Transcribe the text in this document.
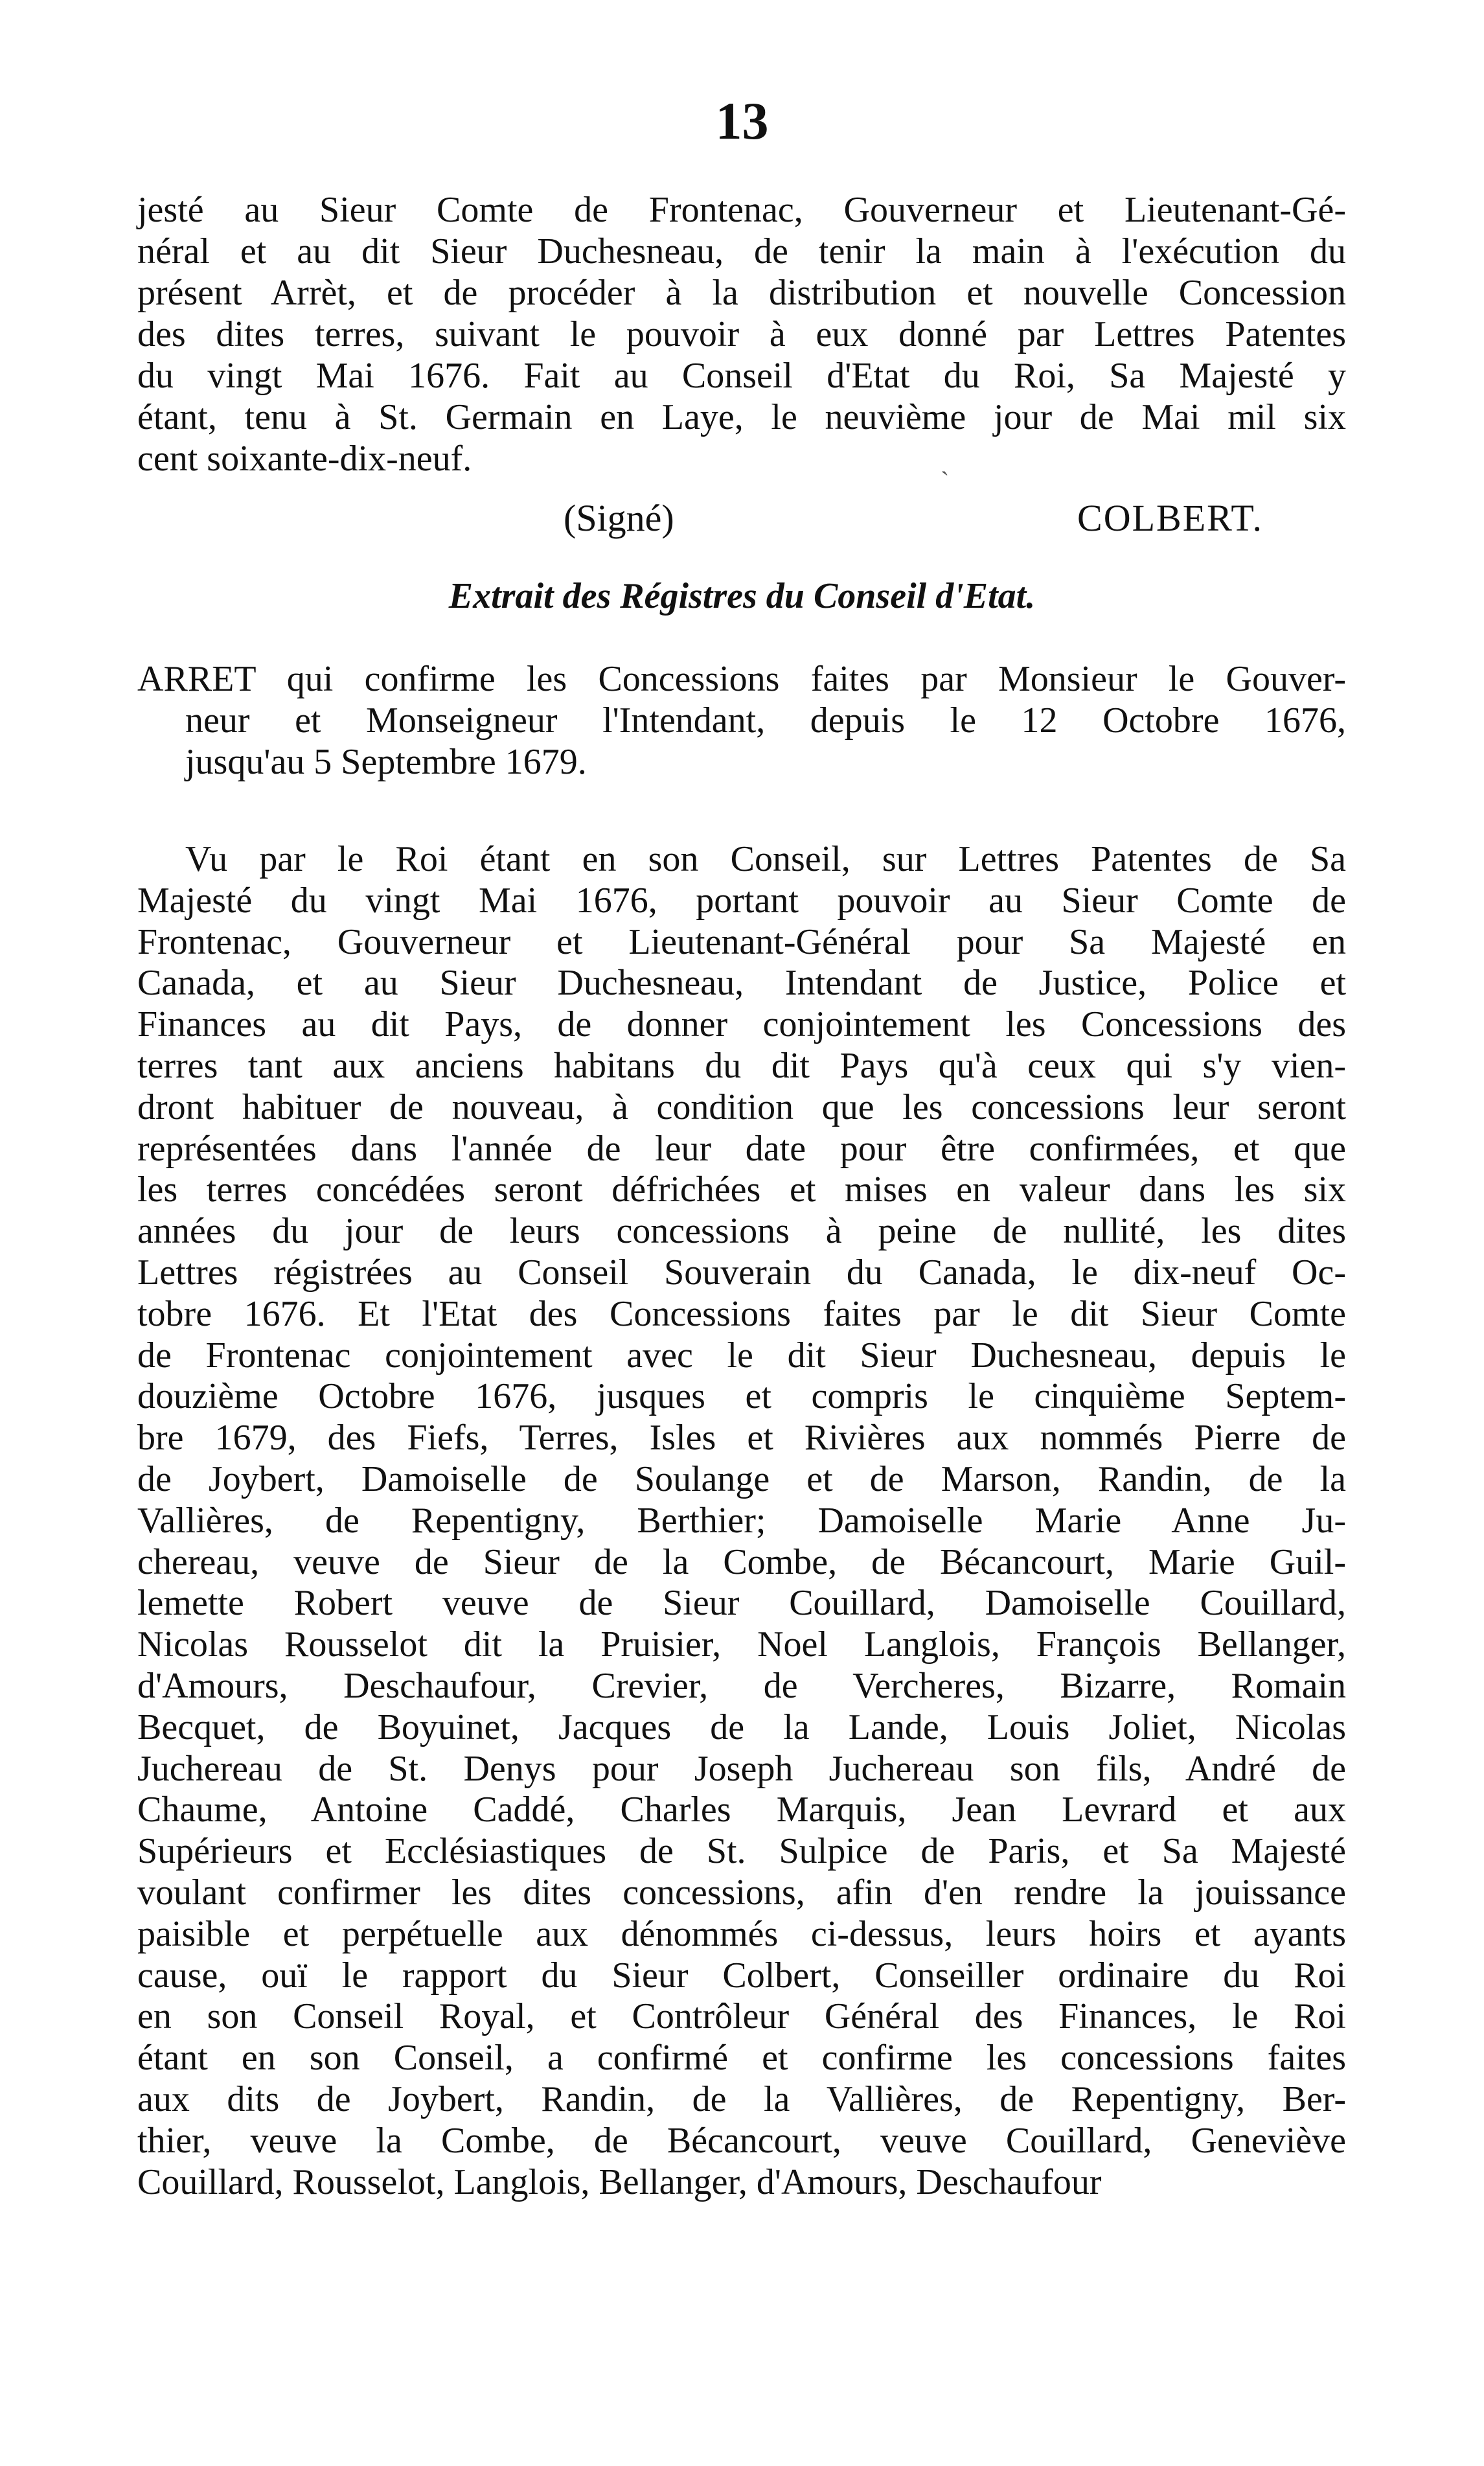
13
jesté au Sieur Comte de Frontenac, Gouverneur et Lieutenant-Gé-
néral et au dit Sieur Duchesneau, de tenir la main à l'exécution du
présent Arrèt, et de procéder à la distribution et nouvelle Concession
des dites terres, suivant le pouvoir à eux donné par Lettres Patentes
du vingt Mai 1676. Fait au Conseil d'Etat du Roi, Sa Majesté y
étant, tenu à St. Germain en Laye, le neuvième jour de Mai mil six
cent soixante-dix-neuf.
(Signé)	COLBERT.
Extrait des Régistres du Conseil d'Etat.
ARRET qui confirme les Concessions faites par Monsieur le Gouver-
neur et Monseigneur l'Intendant, depuis le 12 Octobre 1676,
jusqu'au 5 Septembre 1679.
Vu par le Roi étant en son Conseil, sur Lettres Patentes de Sa
Majesté du vingt Mai 1676, portant pouvoir au Sieur Comte de
Frontenac, Gouverneur et Lieutenant-Général pour Sa Majesté en
Canada, et au Sieur Duchesneau, Intendant de Justice, Police et
Finances au dit Pays, de donner conjointement les Concessions des
terres tant aux anciens habitans du dit Pays qu'à ceux qui s'y vien-
dront habituer de nouveau, à condition que les concessions leur seront
représentées dans l'année de leur date pour être confirmées, et que
les terres concédées seront défrichées et mises en valeur dans les six
années du jour de leurs concessions à peine de nullité, les dites
Lettres régistrées au Conseil Souverain du Canada, le dix-neuf Oc-
tobre 1676. Et l'Etat des Concessions faites par le dit Sieur Comte
de Frontenac conjointement avec le dit Sieur Duchesneau, depuis le
douzième Octobre 1676, jusques et compris le cinquième Septem-
bre 1679, des Fiefs, Terres, Isles et Rivières aux nommés Pierre de
de Joybert, Damoiselle de Soulange et de Marson, Randin, de la
Vallières, de Repentigny, Berthier; Damoiselle Marie Anne Ju-
chereau, veuve de Sieur de la Combe, de Bécancourt, Marie Guil-
lemette Robert veuve de Sieur Couillard, Damoiselle Couillard,
Nicolas Rousselot dit la Pruisier, Noel Langlois, François Bellanger,
d'Amours, Deschaufour, Crevier, de Vercheres, Bizarre, Romain
Becquet, de Boyuinet, Jacques de la Lande, Louis Joliet, Nicolas
Juchereau de St. Denys pour Joseph Juchereau son fils, André de
Chaume, Antoine Caddé, Charles Marquis, Jean Levrard et aux
Supérieurs et Ecclésiastiques de St. Sulpice de Paris, et Sa Majesté
voulant confirmer les dites concessions, afin d'en rendre la jouissance
paisible et perpétuelle aux dénommés ci-dessus, leurs hoirs et ayants
cause, ouï le rapport du Sieur Colbert, Conseiller ordinaire du Roi
en son Conseil Royal, et Contrôleur Général des Finances, le Roi
étant en son Conseil, a confirmé et confirme les concessions faites
aux dits de Joybert, Randin, de la Vallières, de Repentigny, Ber-
thier, veuve la Combe, de Bécancourt, veuve Couillard, Geneviève
Couillard, Rousselot, Langlois, Bellanger, d'Amours, Deschaufour
ˏ
